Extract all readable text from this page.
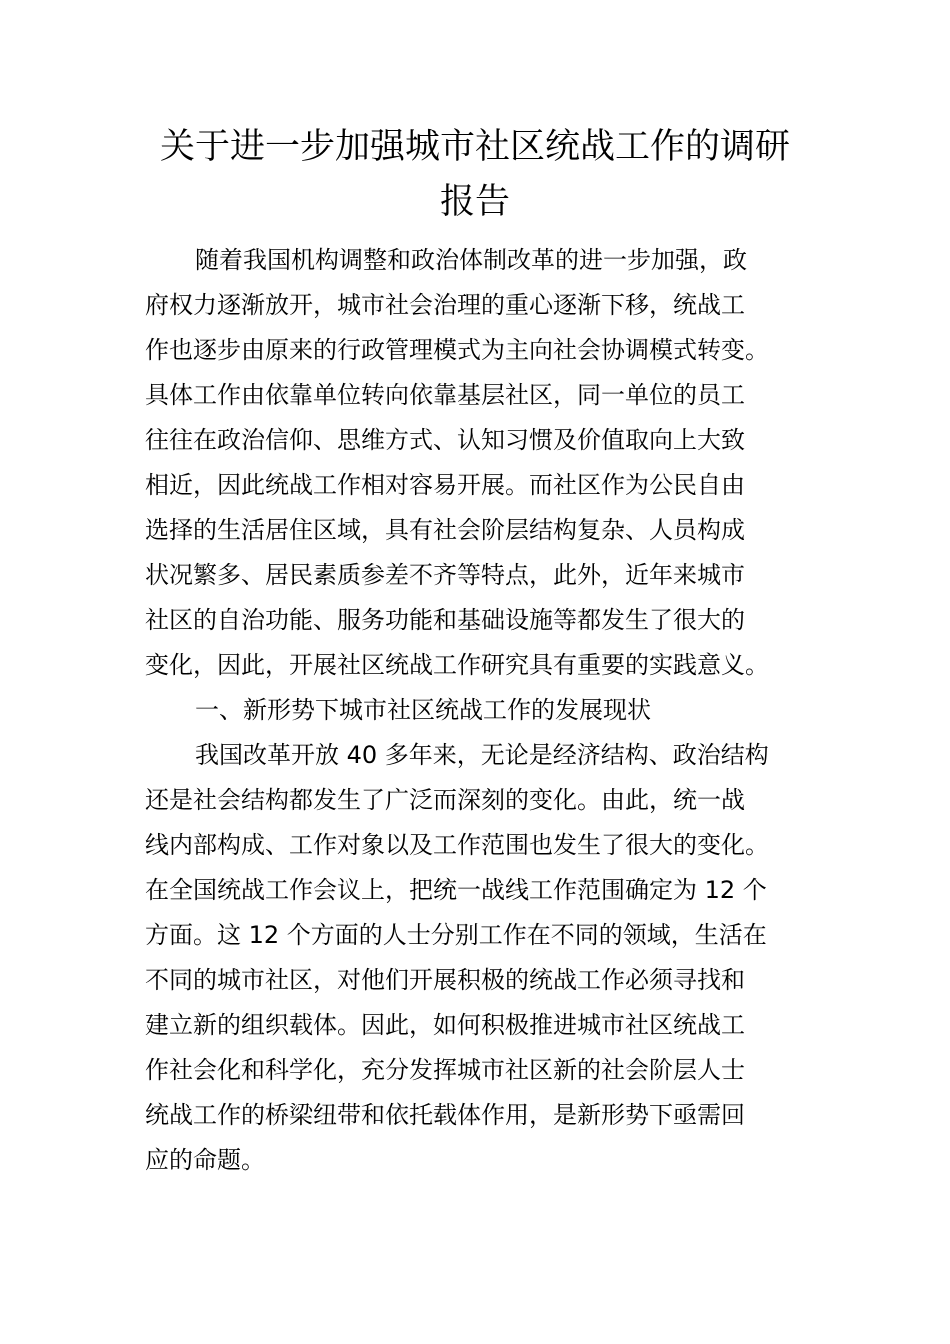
关于进一步加强城市社区统战工作的调研
报告
随着我国机构调整和政治体制改革的进一步加强，政
府权力逐渐放开，城市社会治理的重心逐渐下移，统战工
作也逐步由原来的行政管理模式为主向社会协调模式转变。
具体工作由依靠单位转向依靠基层社区，同一单位的员工
往往在政治信仰、思维方式、认知习惯及价值取向上大致
相近，因此统战工作相对容易开展。而社区作为公民自由
选择的生活居住区域，具有社会阶层结构复杂、人员构成
状况繁多、居民素质参差不齐等特点，此外，近年来城市
社区的自治功能、服务功能和基础设施等都发生了很大的
变化，因此，开展社区统战工作研究具有重要的实践意义。
一、新形势下城市社区统战工作的发展现状
我国改革开放 40 多年来，无论是经济结构、政治结构
还是社会结构都发生了广泛而深刻的变化。由此，统一战
线内部构成、工作对象以及工作范围也发生了很大的变化。
在全国统战工作会议上，把统一战线工作范围确定为 12 个
方面。这 12 个方面的人士分别工作在不同的领域，生活在
不同的城市社区，对他们开展积极的统战工作必须寻找和
建立新的组织载体。因此，如何积极推进城市社区统战工
作社会化和科学化，充分发挥城市社区新的社会阶层人士
统战工作的桥梁纽带和依托载体作用，是新形势下亟需回
应的命题。
